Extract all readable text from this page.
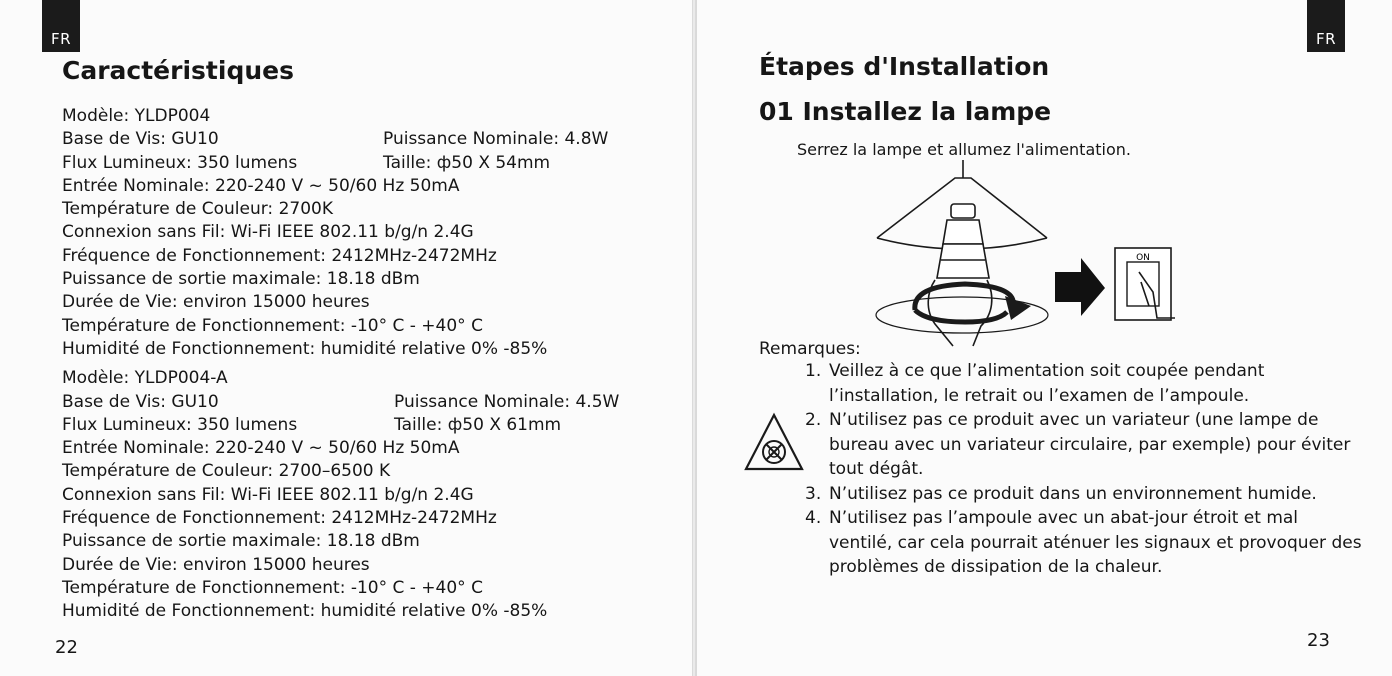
FR
Caractéristiques
Modèle: YLDP004
Base de Vis: GU10	Puissance Nominale: 4.8W
Flux Lumineux: 350 lumens	Taille: ф50 X 54mm
Entrée Nominale: 220-240 V ~ 50/60 Hz 50mA
Température de Couleur: 2700K
Connexion sans Fil: Wi-Fi IEEE 802.11 b/g/n 2.4G
Fréquence de Fonctionnement: 2412MHz-2472MHz
Puissance de sortie maximale: 18.18 dBm
Durée de Vie: environ 15000 heures
Température de Fonctionnement: -10° C - +40° C
Humidité de Fonctionnement: humidité relative 0% -85%
Modèle: YLDP004-A
Base de Vis: GU10	Puissance Nominale: 4.5W
Flux Lumineux: 350 lumens	Taille: ф50 X 61mm
Entrée Nominale: 220-240 V ~ 50/60 Hz 50mA
Température de Couleur: 2700–6500 K
Connexion sans Fil: Wi-Fi IEEE 802.11 b/g/n 2.4G
Fréquence de Fonctionnement: 2412MHz-2472MHz
Puissance de sortie maximale: 18.18 dBm
Durée de Vie: environ 15000 heures
Température de Fonctionnement: -10° C - +40° C
Humidité de Fonctionnement: humidité relative 0% -85%
22
FR
Étapes d'Installation
01 Installez la lampe
Serrez la lampe et allumez l'alimentation.
ON
Remarques:
1. Veillez à ce que l’alimentation soit coupée pendant l’installation, le retrait ou l’examen de l’ampoule.
2. N’utilisez pas ce produit avec un variateur (une lampe de bureau avec un variateur circulaire, par exemple) pour éviter tout dégât.
3. N’utilisez pas ce produit dans un environnement humide.
4. N’utilisez pas l’ampoule avec un abat-jour étroit et mal ventilé, car cela pourrait aténuer les signaux et provoquer des problèmes de dissipation de la chaleur.
23
